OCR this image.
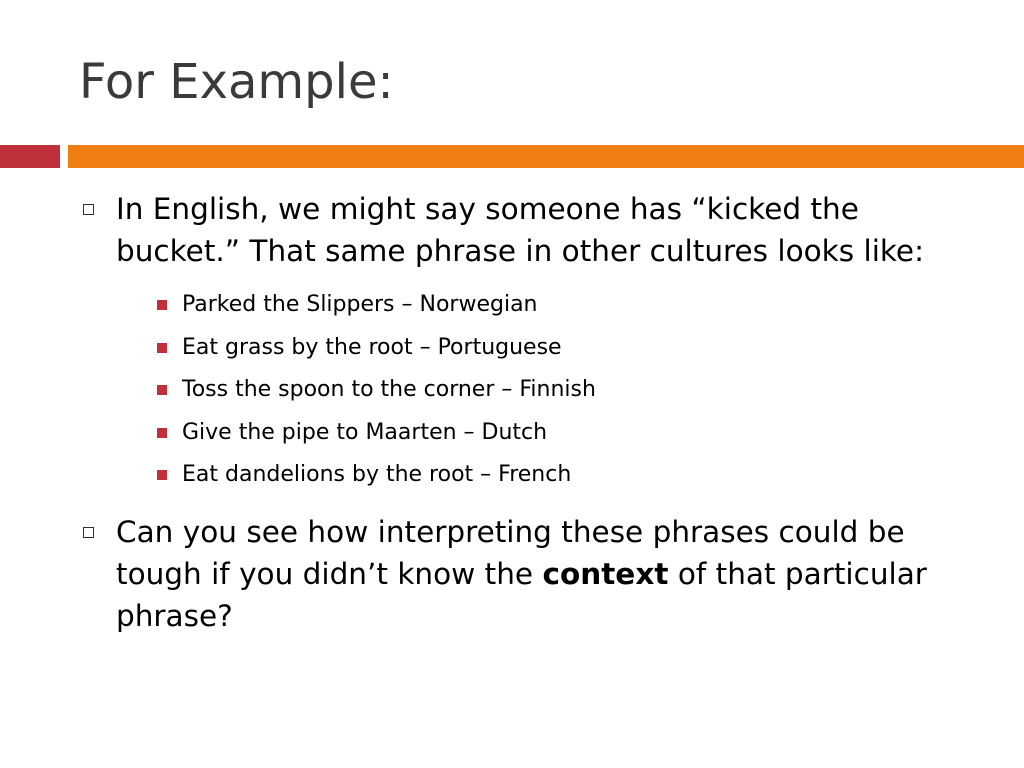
For Example:
In English, we might say someone has “kicked the bucket.” That same phrase in other cultures looks like:
Parked the Slippers – Norwegian
Eat grass by the root – Portuguese
Toss the spoon to the corner – Finnish
Give the pipe to Maarten – Dutch
Eat dandelions by the root – French
Can you see how interpreting these phrases could be tough if you didn’t know the context of that particular phrase?
